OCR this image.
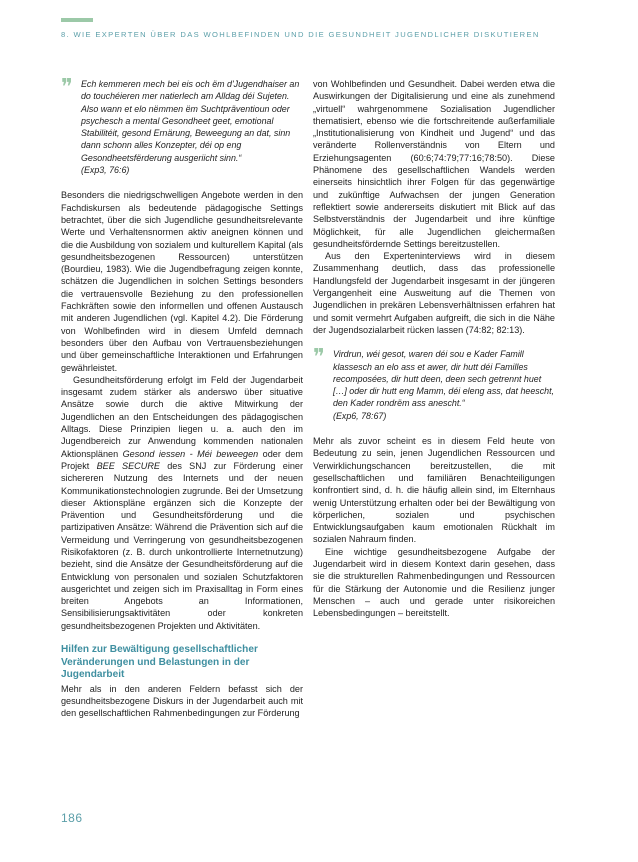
8. WIE EXPERTEN ÜBER DAS WOHLBEFINDEN UND DIE GESUNDHEIT JUGENDLICHER DISKUTIEREN
❞ Ech kemmeren mech bei eis och ëm d'Jugendhaiser an do touchéieren mer natierlech am Alldag déi Sujeten. Also wann et elo nëmmen ëm Suchtpräventioun oder psychesch a mental Gesondheet geet, emotional Stabilitéit, gesond Ernärung, Beweegung an dat, sinn dann schonn alles Konzepter, déi op eng Gesondheetsfërderung ausgeriicht sinn.“

(Exp3, 76:6)

Besonders die niedrigschwelligen Angebote werden in den Fachdiskursen als bedeutende pädagogische Settings betrachtet, über die sich Jugendliche gesundheitsrelevante Werte und Verhaltensnormen aktiv aneignen können und die die Ausbildung von sozialem und kulturellem Kapital (als gesundheitsbezogenen Ressourcen) unterstützen (Bourdieu, 1983). Wie die Jugendbefragung zeigen konnte, schätzen die Jugendlichen in solchen Settings besonders die vertrauensvolle Beziehung zu den professionellen Fachkräften sowie den informellen und offenen Austausch mit anderen Jugendlichen (vgl. Kapitel 4.2). Die Förderung von Wohlbefinden wird in diesem Umfeld demnach besonders über den Aufbau von Vertrauensbeziehungen und über gemeinschaftliche Interaktionen und Erfahrungen gewährleistet.

Gesundheitsförderung erfolgt im Feld der Jugendarbeit insgesamt zudem stärker als anderswo über situative Ansätze sowie durch die aktive Mitwirkung der Jugendlichen an den Entscheidungen des pädagogischen Alltags. Diese Prinzipien liegen u. a. auch den im Jugendbereich zur Anwendung kommenden nationalen Aktionsplänen Gesond iessen - Méi beweegen oder dem Projekt BEE SECURE des SNJ zur Förderung einer sichereren Nutzung des Internets und der neuen Kommunikationstechnologien zugrunde. Bei der Umsetzung dieser Aktionspläne ergänzen sich die Konzepte der Prävention und Gesundheitsförderung und die partizipativen Ansätze: Während die Prävention sich auf die Vermeidung und Verringerung von gesundheitsbezogenen Risikofaktoren (z. B. durch unkontrollierte Internetnutzung) bezieht, sind die Ansätze der Gesundheitsförderung auf die Entwicklung von personalen und sozialen Schutzfaktoren ausgerichtet und zeigen sich im Praxisalltag in Form eines breiten Angebots an Informationen, Sensibilisierungsaktivitäten oder konkreten gesundheitsbezogenen Projekten und Aktivitäten.

Hilfen zur Bewältigung gesellschaftlicher Veränderungen und Belastungen in der Jugendarbeit

Mehr als in den anderen Feldern befasst sich der gesundheitsbezogene Diskurs in der Jugendarbeit auch mit den gesellschaftlichen Rahmenbedingungen zur Förderung

von Wohlbefinden und Gesundheit. Dabei werden etwa die Auswirkungen der Digitalisierung und eine als zunehmend „virtuell“ wahrgenommene Sozialisation Jugendlicher thematisiert, ebenso wie die fortschreitende außerfamiliale „Institutionalisierung von Kindheit und Jugend“ und das veränderte Rollenverständnis von Eltern und Erziehungsagenten (60:6;74:79;77:16;78:50). Diese Phänomene des gesellschaftlichen Wandels werden einerseits hinsichtlich ihrer Folgen für das gegenwärtige und zukünftige Aufwachsen der jungen Generation reflektiert sowie andererseits diskutiert mit Blick auf das Selbstverständnis der Jugendarbeit und ihre künftige Möglichkeit, für alle Jugendlichen gleichermaßen gesundheitsfördernde Settings bereitzustellen.

Aus den Experteninterviews wird in diesem Zusammenhang deutlich, dass das professionelle Handlungsfeld der Jugendarbeit insgesamt in der jüngeren Vergangenheit eine Ausweitung auf die Themen von Jugendlichen in prekären Lebensverhältnissen erfahren hat und somit vermehrt Aufgaben aufgreift, die sich in die Nähe der Jugendsozialarbeit rücken lassen (74:82; 82:13).

❞ Virdrun, wéi gesot, waren déi sou e Kader Famill klassesch an elo ass et awer, dir hutt déi Familles recomposées, dir hutt deen, deen sech getrennt huet […] oder dir hutt eng Mamm, déi eleng ass, dat heescht, den Kader rondrëm ass anescht.“

(Exp6, 78:67)

Mehr als zuvor scheint es in diesem Feld heute von Bedeutung zu sein, jenen Jugendlichen Ressourcen und Verwirklichungschancen bereitzustellen, die mit gesellschaftlichen und familiären Benachteiligungen konfrontiert sind, d. h. die häufig allein sind, im Elternhaus wenig Unterstützung erhalten oder bei der Bewältigung von körperlichen, sozialen und psychischen Entwicklungsaufgaben kaum emotionalen Rückhalt im sozialen Nahraum finden.

Eine wichtige gesundheitsbezogene Aufgabe der Jugendarbeit wird in diesem Kontext darin gesehen, dass sie die strukturellen Rahmenbedingungen und Ressourcen für die Stärkung der Autonomie und die Resilienz junger Menschen – auch und gerade unter risikoreichen Lebensbedingungen – bereitstellt.

186
